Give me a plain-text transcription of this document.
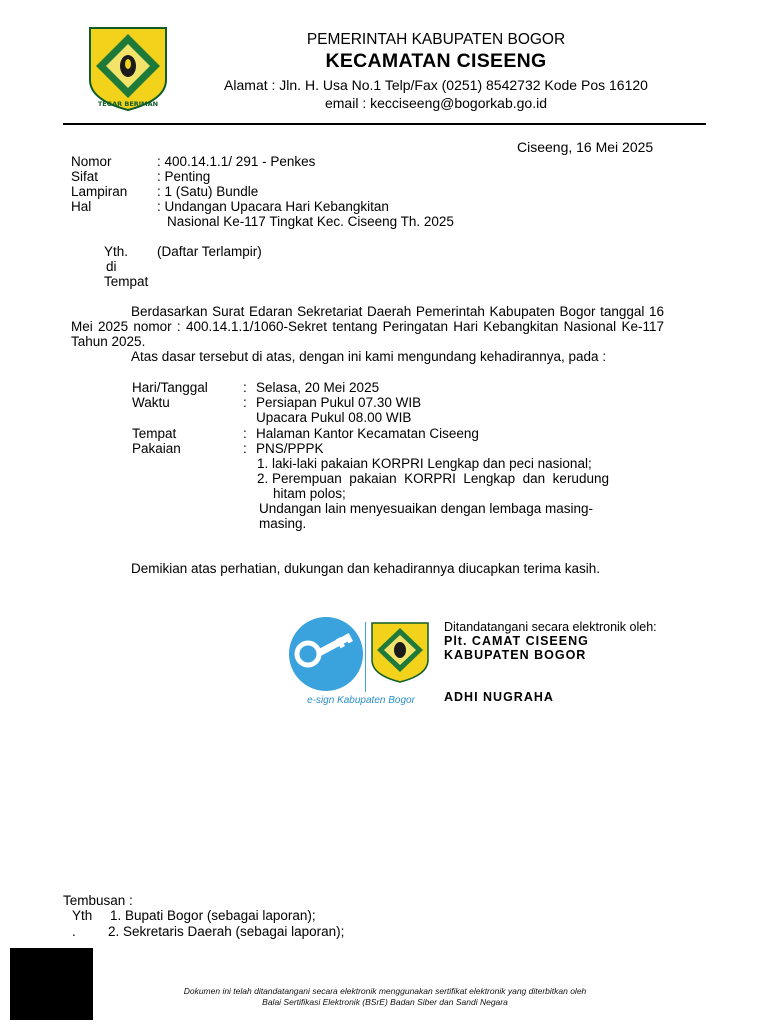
TEGAR BERIMAN
PEMERINTAH KABUPATEN BOGOR
KECAMATAN CISEENG
Alamat : Jln. H. Usa No.1 Telp/Fax (0251) 8542732 Kode Pos 16120
email : kecciseeng@bogorkab.go.id
Ciseeng, 16 Mei 2025
Nomor	: 400.14.1.1/ 291 - Penkes
Sifat	: Penting
Lampiran : 1 (Satu) Bundle
Hal	: Undangan Upacara Hari Kebangkitan
Nasional Ke-117 Tingkat Kec. Ciseeng Th. 2025
Yth. (Daftar Terlampir)
di
Tempat
Berdasarkan Surat Edaran Sekretariat Daerah Pemerintah Kabupaten Bogor tanggal 16 Mei 2025 nomor : 400.14.1.1/1060-Sekret tentang Peringatan Hari Kebangkitan Nasional Ke-117 Tahun 2025.
Atas dasar tersebut di atas, dengan ini kami mengundang kehadirannya, pada :
Hari/Tanggal	: Selasa, 20 Mei 2025
Waktu	: Persiapan Pukul 07.30 WIB
Upacara Pukul 08.00 WIB
Tempat	: Halaman Kantor Kecamatan Ciseeng
Pakaian	: PNS/PPPK
1. laki-laki pakaian KORPRI Lengkap dan peci nasional;
2. Perempuan  pakaian  KORPRI  Lengkap  dan  kerudung
hitam polos;
Undangan lain menyesuaikan dengan lembaga masing-
masing.
Demikian atas perhatian, dukungan dan kehadirannya diucapkan terima kasih.
e-sign Kabupaten Bogor
Ditandatangani secara elektronik oleh:
Plt. CAMAT CISEENG
KABUPATEN BOGOR
ADHI NUGRAHA
Tembusan :
Yth 1. Bupati Bogor (sebagai laporan);
. 2. Sekretaris Daerah (sebagai laporan);
Dokumen ini telah ditandatangani secara elektronik menggunakan sertifikat elektronik yang diterbitkan oleh
Balai Sertifikasi Elektronik (BSrE) Badan Siber dan Sandi Negara
